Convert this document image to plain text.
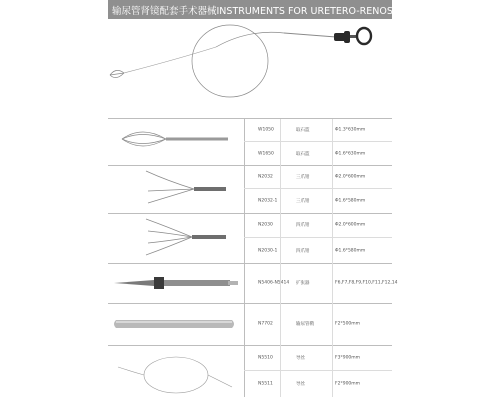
输尿管肾镜配套手术器械INSTRUMENTS FOR URETERO-RENOSCOPES
W1050	取石篮	Φ1.3*630mm
W1650	取石篮	Φ1.6*630mm
N2032	三爪钳	Φ2.0*600mm
N2032-1	三爪钳	Φ1.6*580mm
N2030	四爪钳	Φ2.0*600mm
N2030-1	四爪钳	Φ1.6*580mm
N5406-N5414 扩张器	F6,F7,F8,F9,F10,F11,F12,14
N7702	输尿管鞘	F2*500mm
N5510	导丝	F3*900mm
N5511	导丝	F2*900mm
